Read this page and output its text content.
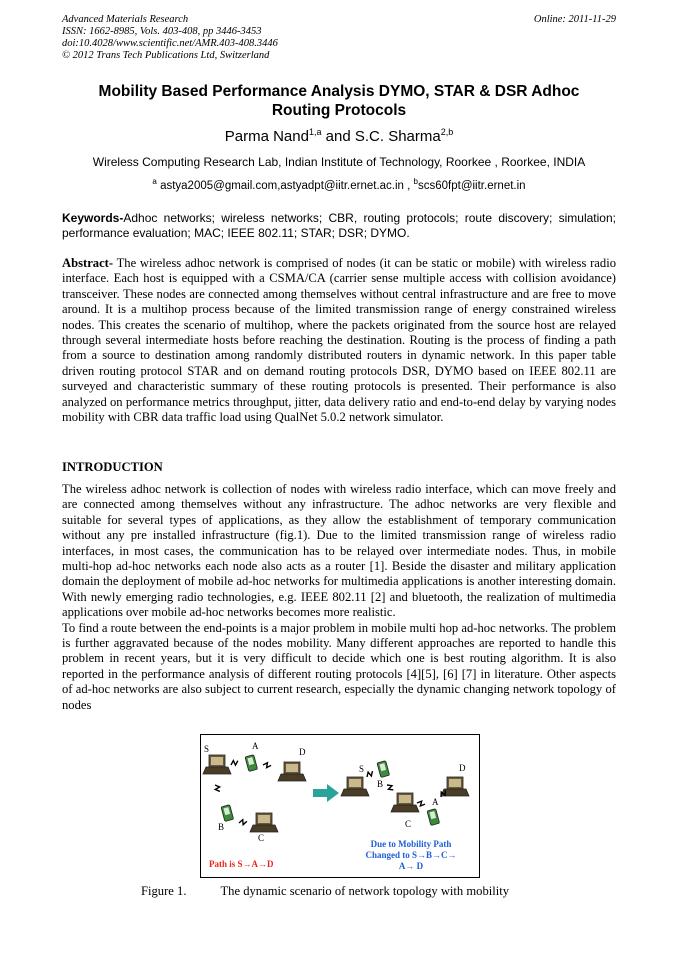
Advanced Materials Research
ISSN: 1662-8985, Vols. 403-408, pp 3446-3453
doi:10.4028/www.scientific.net/AMR.403-408.3446
© 2012 Trans Tech Publications Ltd, Switzerland
Online: 2011-11-29
Mobility Based Performance Analysis DYMO, STAR & DSR Adhoc
Routing Protocols
Parma Nand$^{1,a}$ and S.C. Sharma$^{2,b}$
Wireless Computing Research Lab, Indian Institute of Technology, Roorkee , Roorkee, INDIA
$^a$ astya2005@gmail.com,astyadpt@iitr.ernet.ac.in , $^b$scs60fpt@iitr.ernet.in
Keywords-Adhoc networks; wireless networks; CBR, routing protocols; route discovery; simulation; performance evaluation; MAC; IEEE 802.11; STAR; DSR; DYMO.
Abstract- The wireless adhoc network is comprised of nodes (it can be static or mobile) with wireless radio interface. Each host is equipped with a CSMA/CA (carrier sense multiple access with collision avoidance) transceiver. These nodes are connected among themselves without central infrastructure and are free to move around. It is a multihop process because of the limited transmission range of energy constrained wireless nodes. This creates the scenario of multihop, where the packets originated from the source host are relayed through several intermediate hosts before reaching the destination. Routing is the process of finding a path from a source to destination among randomly distributed routers in dynamic network. In this paper table driven routing protocol STAR and on demand routing protocols DSR, DYMO based on IEEE 802.11 are surveyed and characteristic summary of these routing protocols is presented. Their performance is also analyzed on performance metrics throughput, jitter, data delivery ratio and end-to-end delay by varying nodes mobility with CBR data traffic load using QualNet 5.0.2 network simulator.
INTRODUCTION

The wireless adhoc network is collection of nodes with wireless radio interface, which can move freely and are connected among themselves without any infrastructure. The adhoc networks are very flexible and suitable for several types of applications, as they allow the establishment of temporary communication without any pre installed infrastructure (fig.1). Due to the limited transmission range of wireless radio interfaces, in most cases, the communication has to be relayed over intermediate nodes. Thus, in mobile multi-hop ad-hoc networks each node also acts as a router [1]. Beside the disaster and military application domain the deployment of mobile ad-hoc networks for multimedia applications is another interesting domain. With newly emerging radio technologies, e.g. IEEE 802.11 [2] and bluetooth, the realization of multimedia applications over mobile ad-hoc networks becomes more realistic.

To find a route between the end-points is a major problem in mobile multi hop ad-hoc networks. The problem is further aggravated because of the nodes mobility. Many different approaches are reported to handle this problem in recent years, but it is very difficult to decide which one is best routing algorithm. It is also reported in the performance analysis of different routing protocols [4][5], [6] [7] in literature. Other aspects of ad-hoc networks are also subject to current research, especially the dynamic changing network topology of nodes

S	A
D
B
C
Path is S→A→D
S
B
D
C
A
Due to Mobility Path
Changed to S→B→C→
A→ D
Figure 1.	The dynamic scenario of network topology with mobility
